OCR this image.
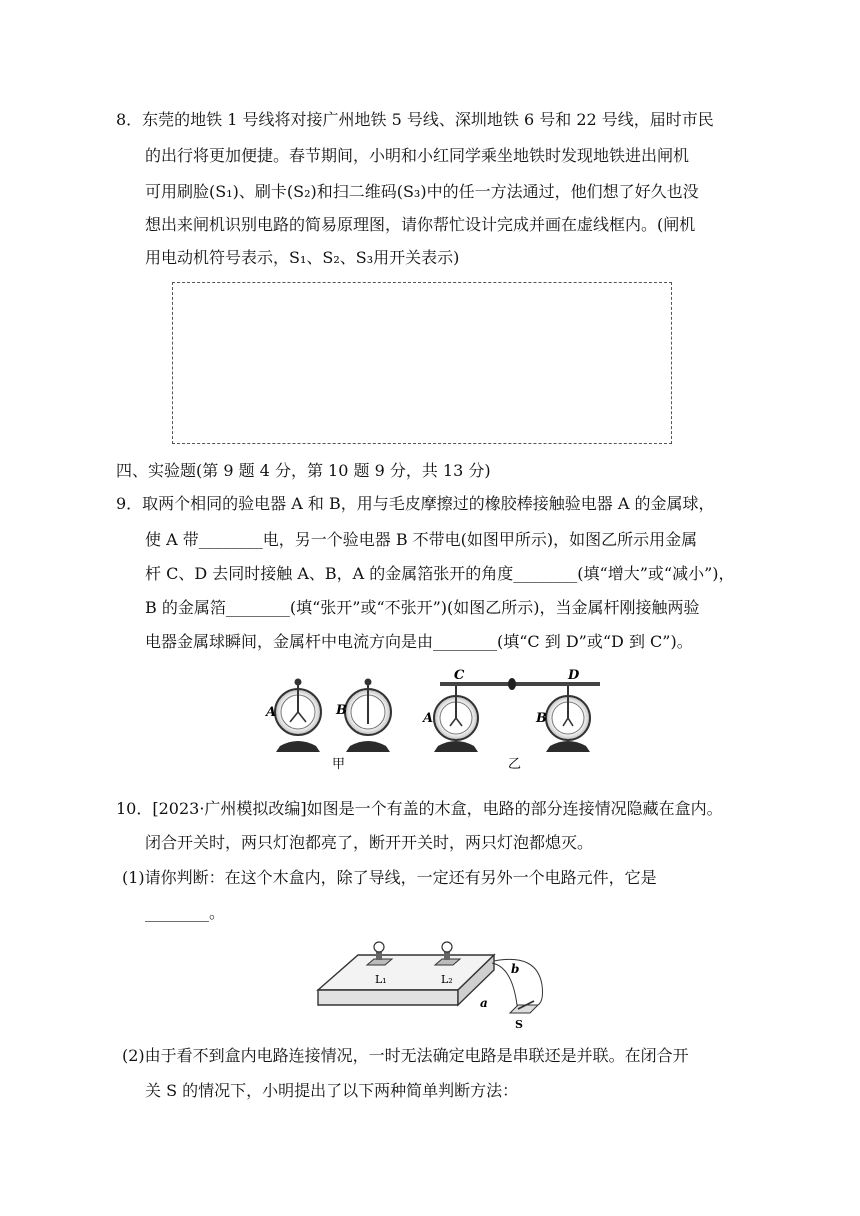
8．东莞的地铁 1 号线将对接广州地铁 5 号线、深圳地铁 6 号和 22 号线，届时市民
的出行将更加便捷。春节期间，小明和小红同学乘坐地铁时发现地铁进出闸机
可用刷脸(S₁)、刷卡(S₂)和扫二维码(S₃)中的任一方法通过，他们想了好久也没
想出来闸机识别电路的简易原理图，请你帮忙设计完成并画在虚线框内。(闸机
用电动机符号表示，S₁、S₂、S₃用开关表示)
四、实验题(第 9 题 4 分，第 10 题 9 分，共 13 分)
9．取两个相同的验电器 A 和 B，用与毛皮摩擦过的橡胶棒接触验电器 A 的金属球，
使 A 带________电，另一个验电器 B 不带电(如图甲所示)，如图乙所示用金属
杆 C、D 去同时接触 A、B，A 的金属箔张开的角度________(填“增大”或“减小”)，
B 的金属箔________(填“张开”或“不张开”)(如图乙所示)，当金属杆刚接触两验
电器金属球瞬间，金属杆中电流方向是由________(填“C 到 D”或“D 到 C”)。
A	B
C	D
A	B
甲	乙
10．[2023·广州模拟改编]如图是一个有盖的木盒，电路的部分连接情况隐藏在盒内。
闭合开关时，两只灯泡都亮了，断开开关时，两只灯泡都熄灭。
(1)请你判断：在这个木盒内，除了导线，一定还有另外一个电路元件，它是
________。
L₁	L₂
a
b
S
(2)由于看不到盒内电路连接情况，一时无法确定电路是串联还是并联。在闭合开
关 S 的情况下，小明提出了以下两种简单判断方法：
